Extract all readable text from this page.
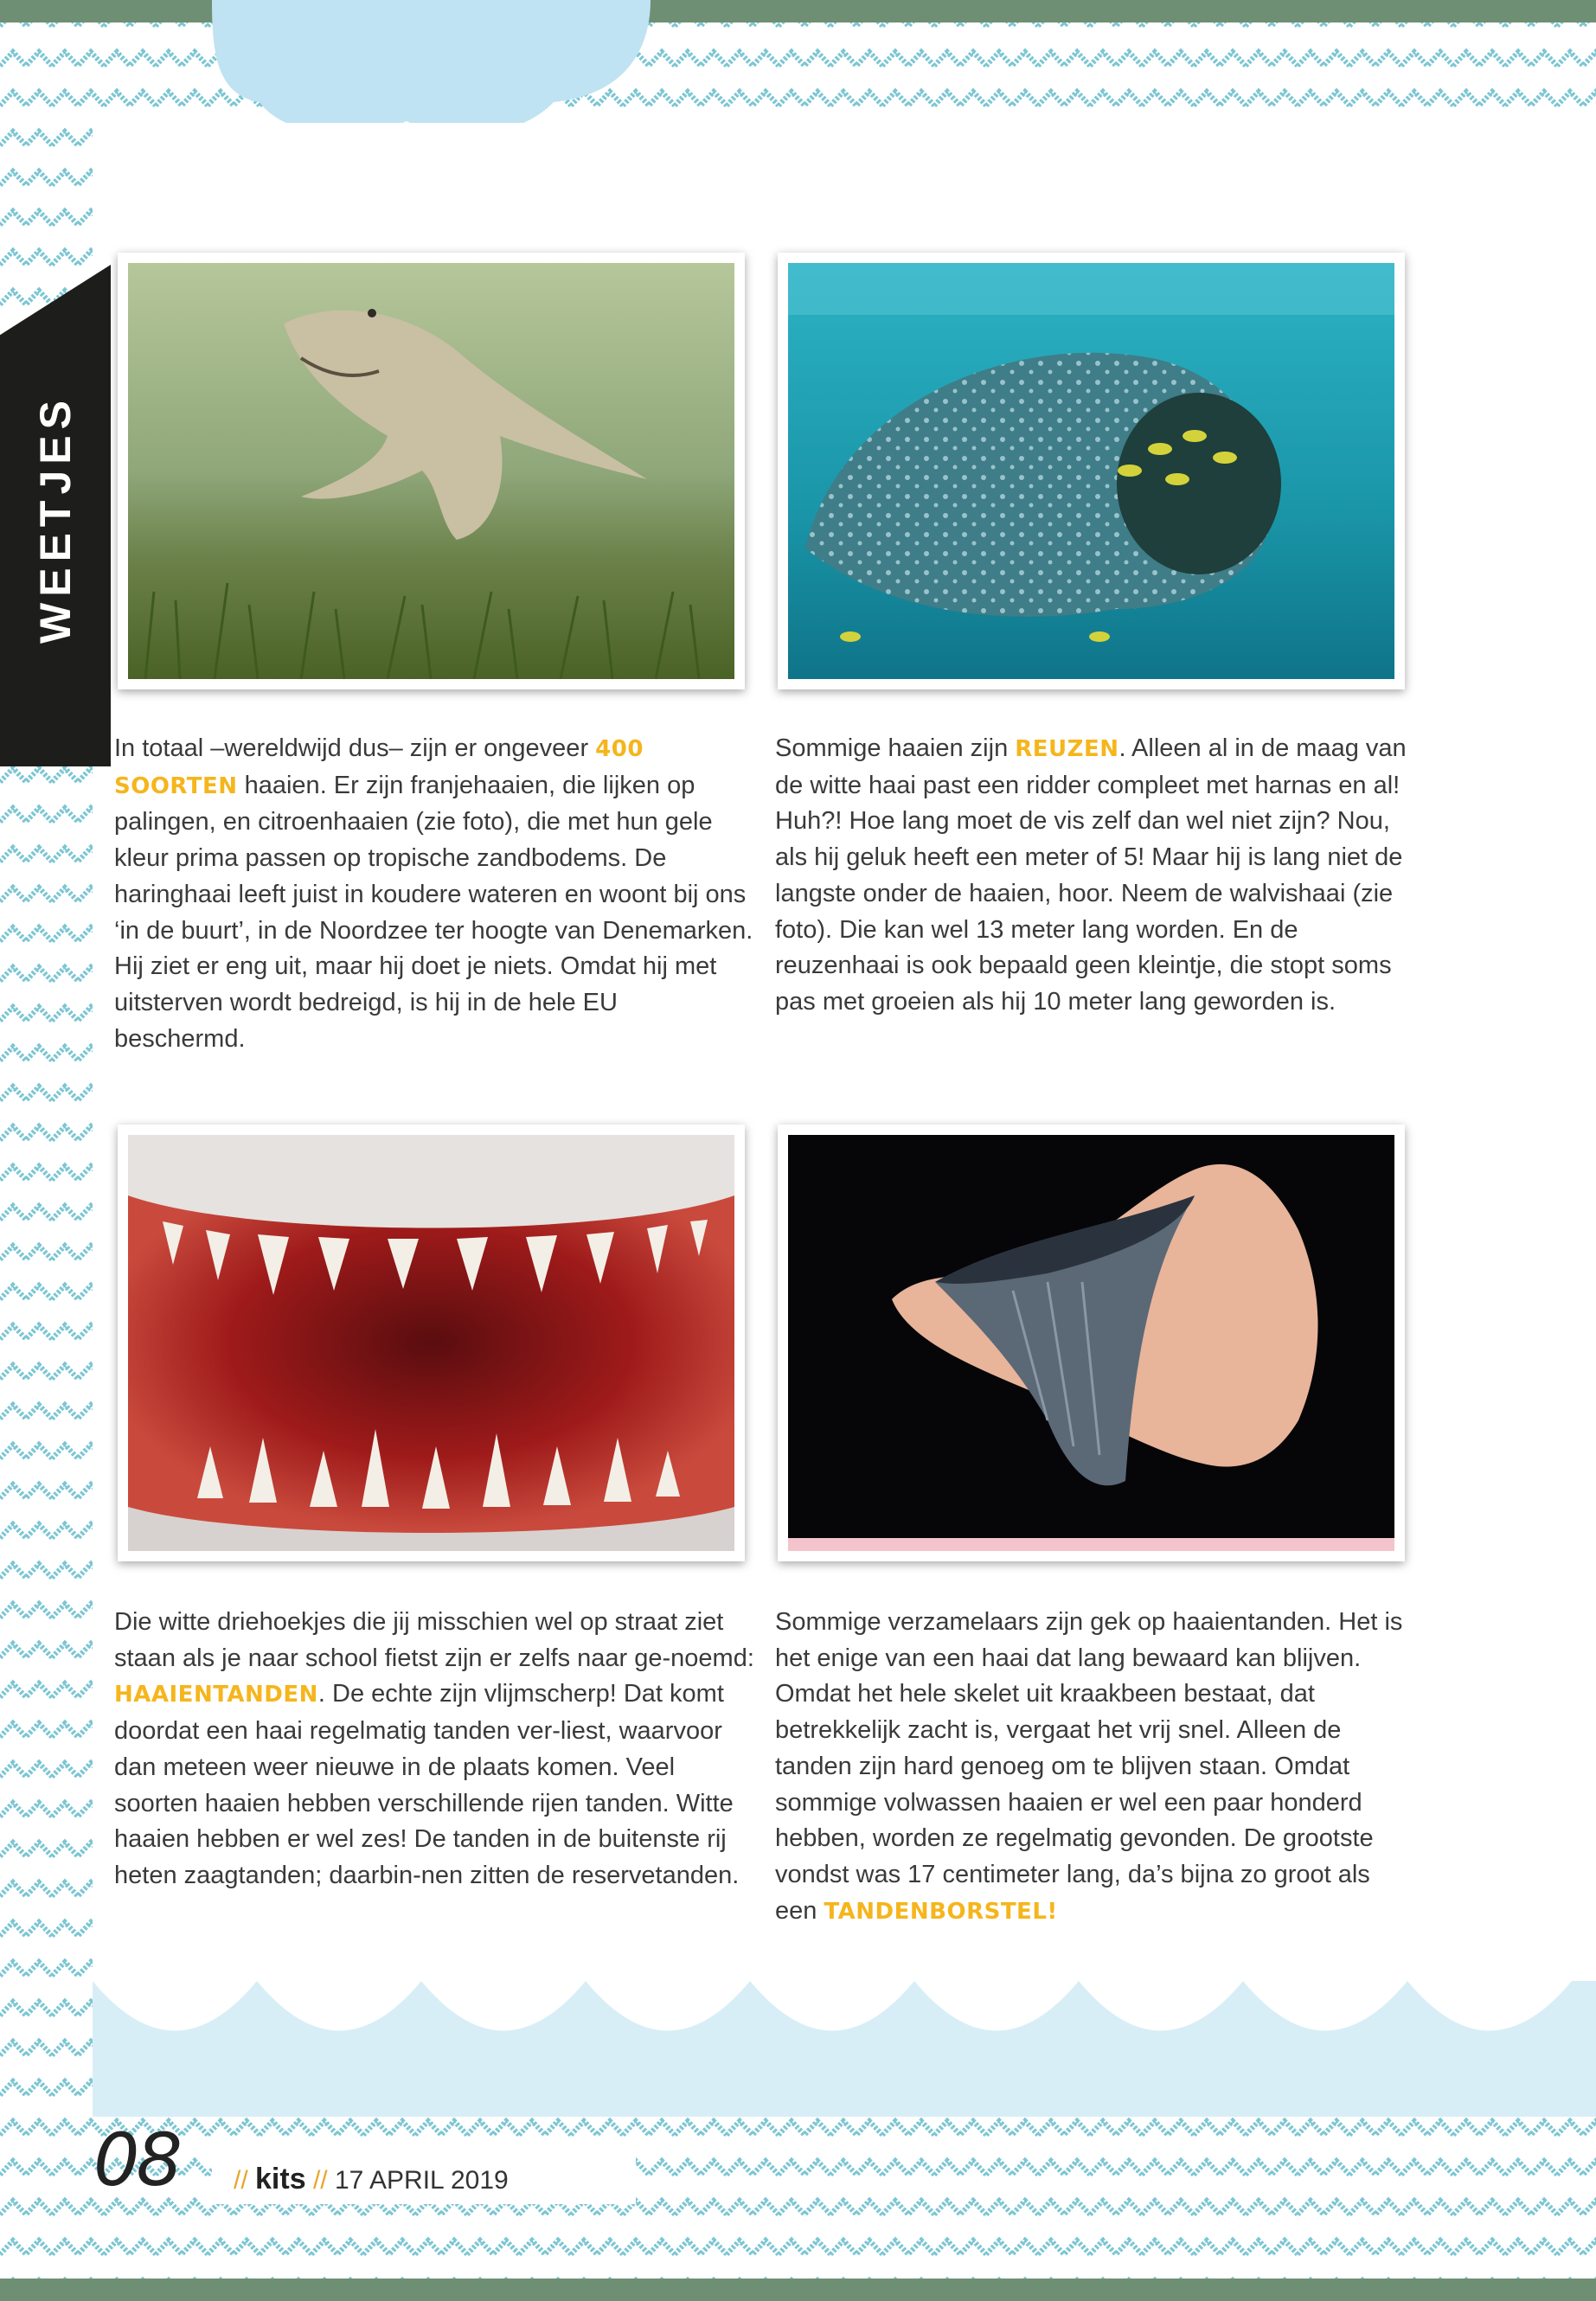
WEETJES

In totaal –wereldwijd dus– zijn er ongeveer 400 SOORTEN haaien. Er zijn franjehaaien, die lijken op palingen, en citroenhaaien (zie foto), die met hun gele kleur prima passen op tropische zandbodems. De haringhaai leeft juist in koudere wateren en woont bij ons ‘in de buurt’, in de Noordzee ter hoogte van Denemarken. Hij ziet er eng uit, maar hij doet je niets. Omdat hij met uitsterven wordt bedreigd, is hij in de hele EU beschermd.

Sommige haaien zijn REUZEN. Alleen al in de maag van de witte haai past een ridder compleet met harnas en al! Huh?! Hoe lang moet de vis zelf dan wel niet zijn? Nou, als hij geluk heeft een meter of 5! Maar hij is lang niet de langste onder de haaien, hoor. Neem de walvishaai (zie foto). Die kan wel 13 meter lang worden. En de reuzenhaai is ook bepaald geen kleintje, die stopt soms pas met groeien als hij 10 meter lang geworden is.

Die witte driehoekjes die jij misschien wel op straat ziet staan als je naar school fietst zijn er zelfs naar ge-noemd: HAAIENTANDEN. De echte zijn vlijmscherp! Dat komt doordat een haai regelmatig tanden ver-liest, waarvoor dan meteen weer nieuwe in de plaats komen. Veel soorten haaien hebben verschillende rijen tanden. Witte haaien hebben er wel zes! De tanden in de buitenste rij heten zaagtanden; daarbin-nen zitten de reservetanden.

Sommige verzamelaars zijn gek op haaientanden. Het is het enige van een haai dat lang bewaard kan blijven. Omdat het hele skelet uit kraakbeen bestaat, dat betrekkelijk zacht is, vergaat het vrij snel. Alleen de tanden zijn hard genoeg om te blijven staan. Omdat sommige volwassen haaien er wel een paar honderd hebben, worden ze regelmatig gevonden. De grootste vondst was 17 centimeter lang, da’s bijna zo groot als een TANDENBORSTEL!

08 // kits // 17 APRIL 2019
